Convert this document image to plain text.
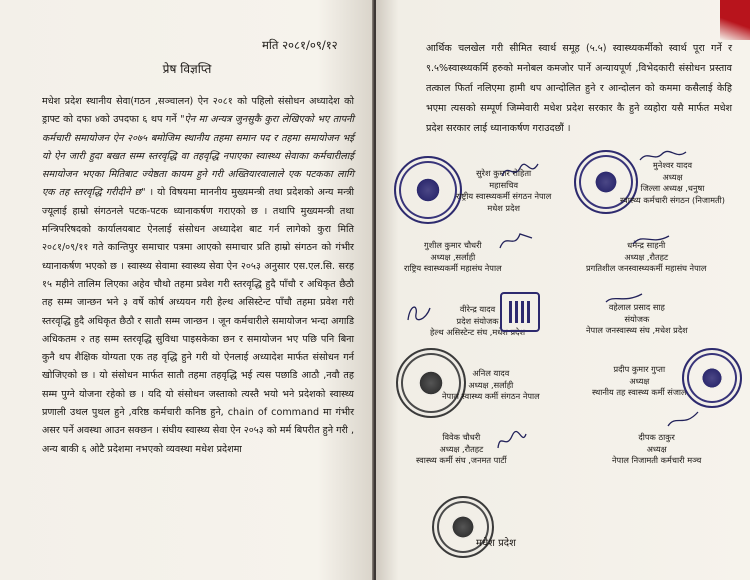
मति २०८१/०९/१२
प्रेष विज्ञप्ति
मधेश प्रदेश स्थानीय सेवा(गठन ,सञ्चालन) ऐन २०८१ को पहिलो संसोधन अध्यादेश को ड्राफ्ट को दफा ४को उपदफा ६ थप गर्ने "ऐन मा अन्यत्र जुनसुकै कुरा लेखिएको भए तापनी कर्मचारी समायोजन ऐन २०७५ बमोजिम स्थानीय तहमा समान पद र तहमा समायोजन भई यो ऐन जारी हुदा बखत सम्म स्तरवृद्धि वा तहवृद्धि नपाएका स्वास्थ्य सेवाका कर्मचारीलाई समायोजन भएका मितिबाट ज्येष्ठता कायम हुने गरी अख्तियारवालाले एक पटकका लागि एक तह स्तरवृद्धि गरीदीने छ" । यो विषयमा माननीय मुख्यमन्त्री तथा प्रदेशको अन्य मन्त्री ज्यूलाई हाम्रो संगठनले पटक-पटक ध्यानाकर्षण गराएको छ । तथापि मुख्यमन्त्री तथा मन्त्रिपरिषदको कार्यालयबाट ऐनलाई संसोधन अध्यादेश बाट गर्न लागेको कुरा मिति २०८१/०९/११ गते कान्तिपुर समाचार पत्रमा आएको समाचार प्रति हाम्रो संगठन को गंभीर ध्यानाकर्षण भएको छ । स्वास्थ्य सेवामा स्वास्थ्य सेवा ऐन २०५३ अनुसार एस.एल.सि. सरह १५ महीने तालिम लिएका अहेव चौथो तहमा प्रवेश गरी स्तरवृद्धि हुदै पाँचौ र अधिकृत छैठौ तह सम्म जान्छन भने ३ वर्षे कोर्ष अध्ययन गरी हेल्थ असिस्टेन्ट पाँचौ तहमा प्रवेश गरी स्तरवृद्धि हुदै अधिकृत छैठौ र सातौ सम्म जान्छन । जून कर्मचारीले समायोजन भन्दा अगाडि अधिकतम २ तह सम्म स्तरवृद्धि सुविधा पाइसकेका छन र समायोजन भए पछि पनि बिना कुनै थप शैक्षिक योग्यता एक तह वृद्धि हुने गरी यो ऐनलाई अध्यादेश मार्फत संसोधन गर्न खोजिएको छ । यो संसोधन मार्फत सातौ तहमा तहवृद्धि भई त्यस पछाडि आठौ ,नवौ तह सम्म पुग्ने योजना रहेको छ । यदि यो संसोधन जस्ताको त्यस्तै भयो भने प्रदेशको स्वास्थ्य प्रणाली उथल पुथल हुने ,वरिष्ठ कर्मचारी कनिष्ठ हुने, chain of command मा गंभीर असर पर्ने अवस्था आउन सक्छन । संघीय स्वास्थ्य सेवा ऐन २०५३ को मर्म बिपरीत हुने गरी , अन्य बाकी ६ ओटै प्रदेशमा नभएको व्यवस्था मधेश प्रदेशमा
आर्थिक चलखेल गरी सीमित स्वार्थ समूह (५.५) स्वास्थ्यकर्मीको स्वार्थ पूरा गर्ने र ९.५%स्वास्थ्यकर्मि हरुको मनोबल कमजोर पार्ने अन्यायपूर्ण ,विभेदकारी संसोधन प्रस्ताव तत्काल फिर्ता नलिएमा हामी थप आन्दोलित हुने र आन्दोलन को कममा कसैलाई केहि भएमा त्यसको सम्पूर्ण जिम्मेवारी मधेश प्रदेश सरकार कै हुने व्यहोरा यसै मार्फत मधेश प्रदेश सरकार लाई ध्यानाकर्षण गराउदछौं ।
सुरेश कुमार रोहिता
महासचिव
राष्ट्रीय स्वास्थ्यकर्मी संगठन नेपाल
मधेश प्रदेश
मुनेश्वर यादव
अध्यक्ष
जिल्ला अध्यक्ष ,धनुषा
स्वास्थ्य कर्मचारी संगठन (निजामती)
गुशील कुमार चौधरी
अध्यक्ष ,सर्लाही
राष्ट्रिय स्वास्थ्यकर्मी महासंघ नेपाल
धमेन्द्र साहनी
अध्यक्ष ,रौतहट
प्रगतिशील जनस्वास्थ्यकर्मी महासंघ नेपाल
वीरेन्द्र यादव
प्रदेश संयोजक
हेल्थ असिस्टेन्ट संघ ,मधेश प्रदेश
वहेलाल प्रसाद साह
संयोजक
नेपाल जनस्वास्थ्य संघ ,मधेश प्रदेश
अनिल यादव
अध्यक्ष ,सर्लाही
नेपाल स्वास्थ्य कर्मी संगठन नेपाल
प्रदीप कुमार गुप्ता
अध्यक्ष
स्थानीय तह स्वास्थ्य कर्मी संजाल
विवेक चौधरी
अध्यक्ष ,रौतहट
स्वास्थ्य कर्मी संघ ,जनमत पार्टी
दीपक ठाकुर
अध्यक्ष
नेपाल निजामती कर्मचारी मञ्च
मधेश प्रदेश
